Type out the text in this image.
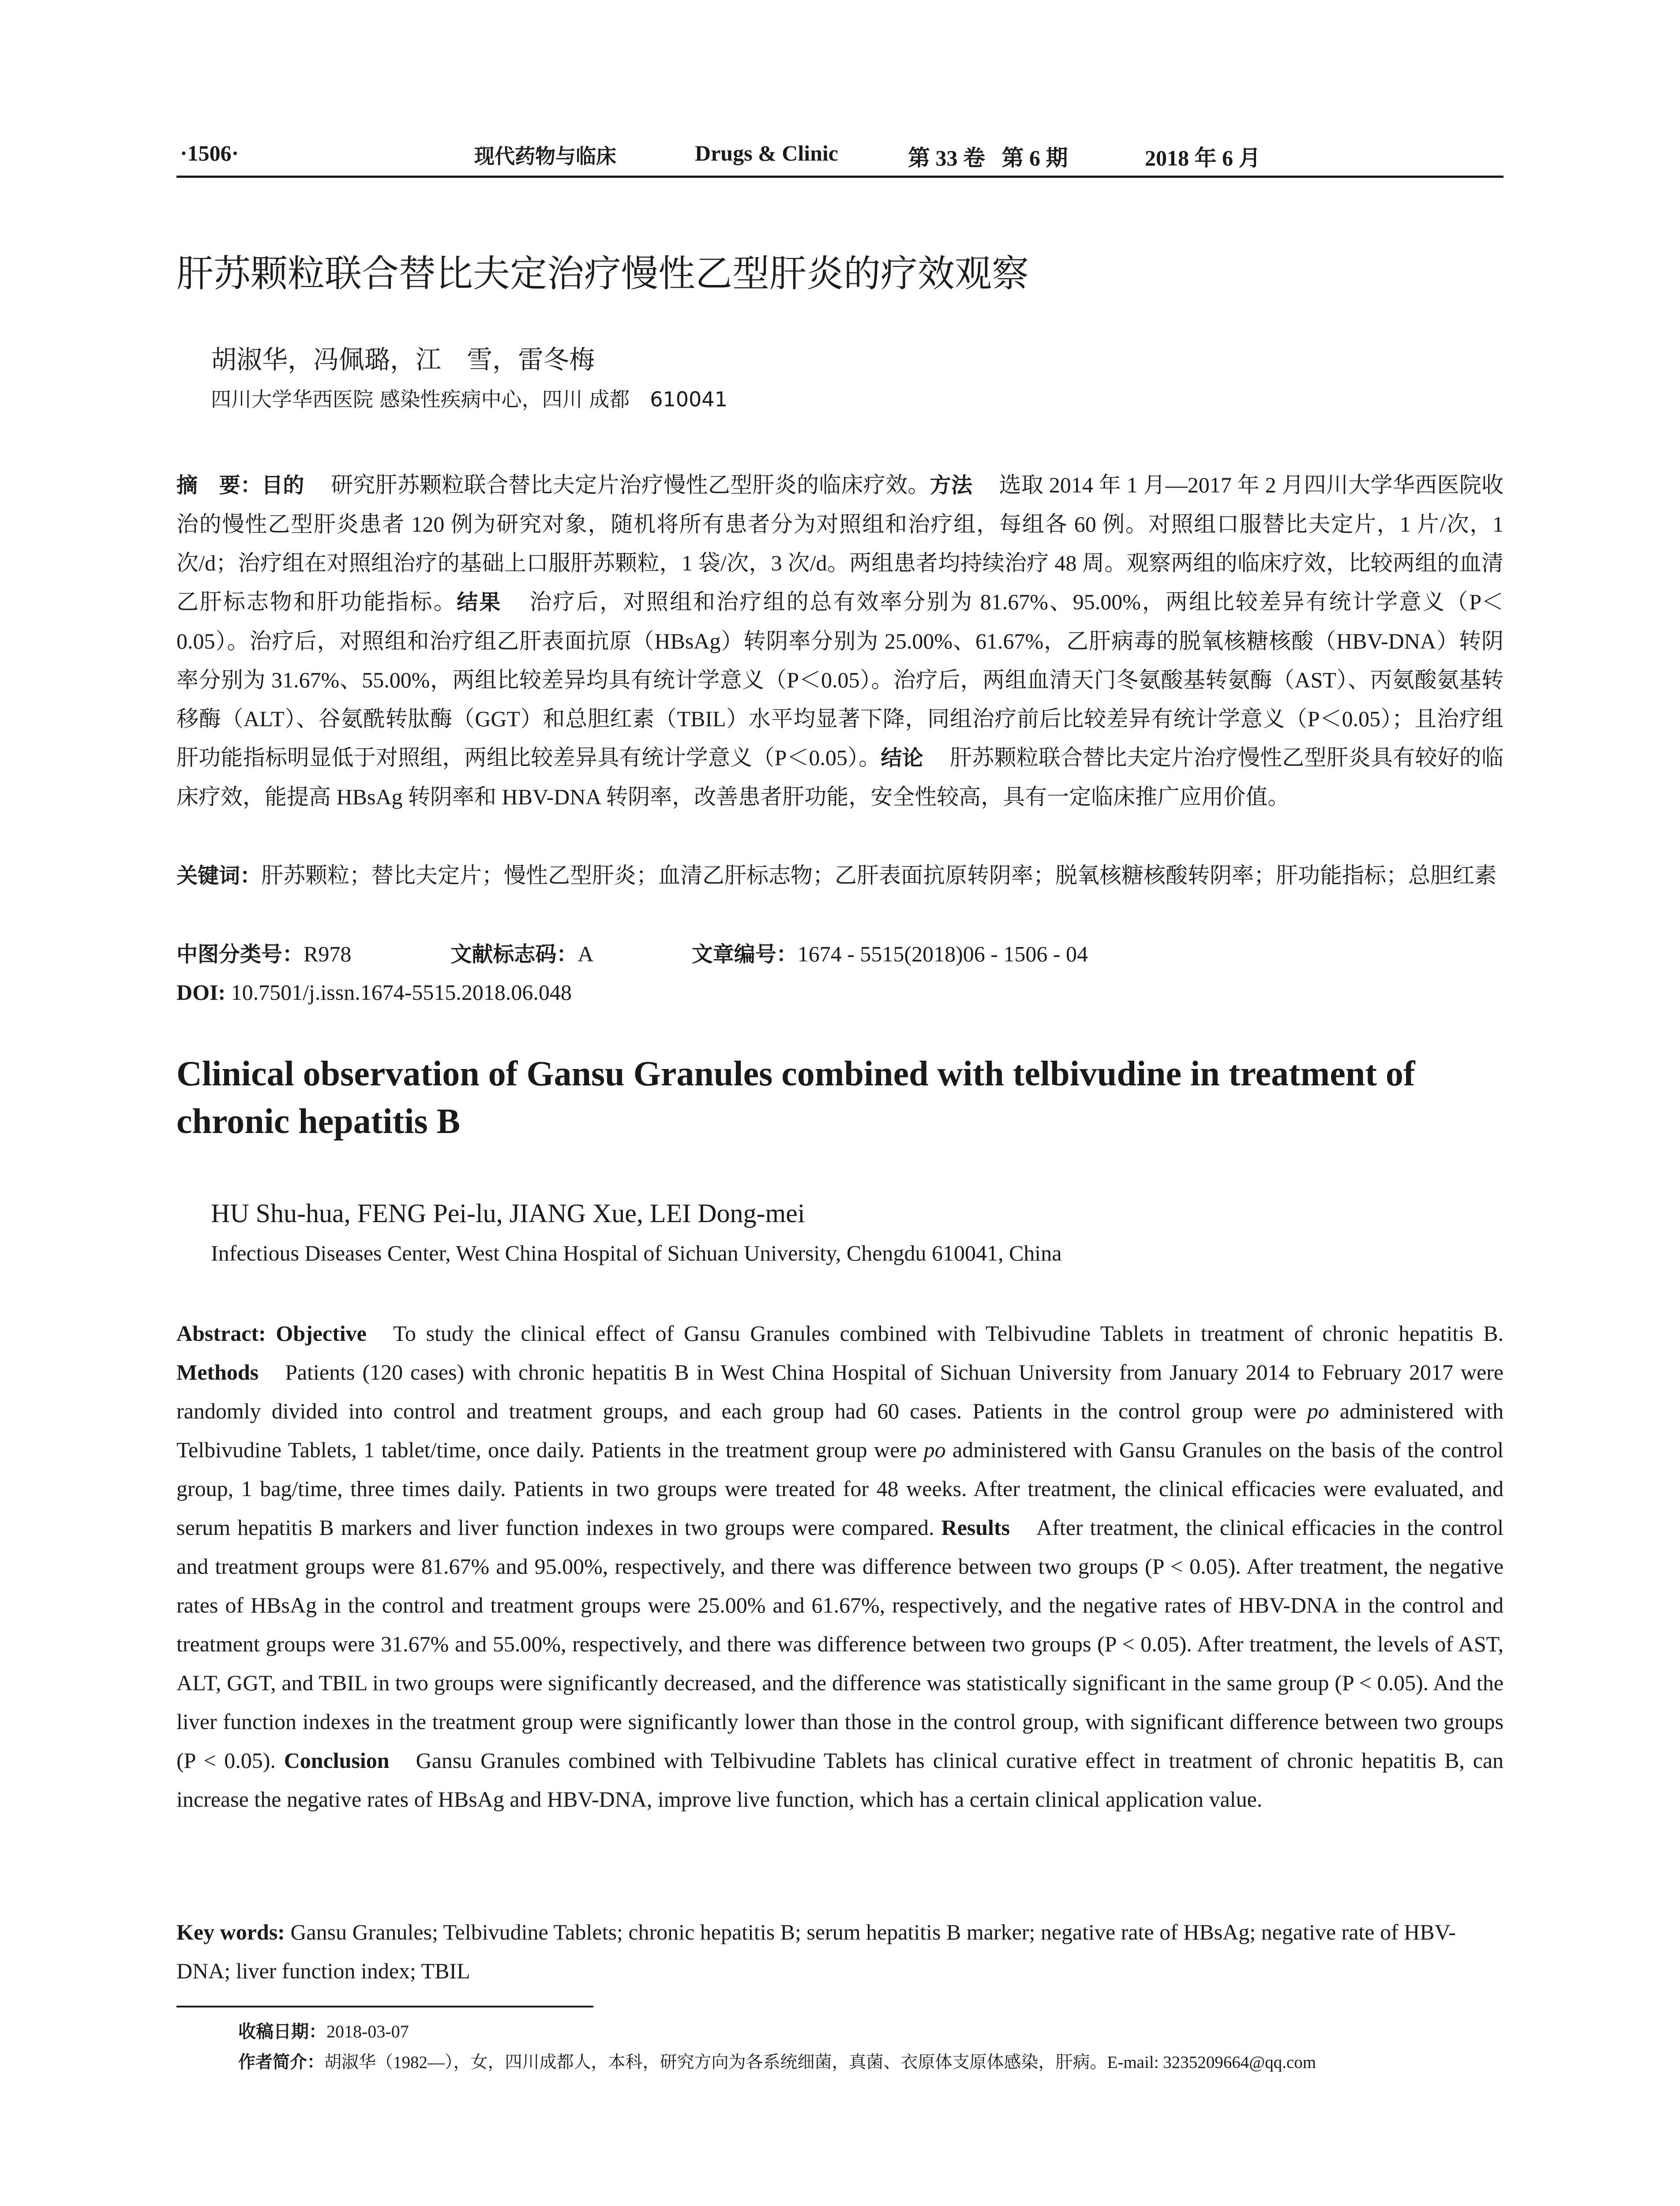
·1506·	现代药物与临床	Drugs & Clinic	第 33 卷   第 6 期	2018 年 6 月
肝苏颗粒联合替比夫定治疗慢性乙型肝炎的疗效观察
胡淑华，冯佩璐，江　雪，雷冬梅
四川大学华西医院 感染性疾病中心，四川 成都　610041
摘　要：目的 研究肝苏颗粒联合替比夫定片治疗慢性乙型肝炎的临床疗效。方法 选取 2014 年 1 月—2017 年 2 月四川大学华西医院收治的慢性乙型肝炎患者 120 例为研究对象，随机将所有患者分为对照组和治疗组，每组各 60 例。对照组口服替比夫定片，1 片/次，1 次/d；治疗组在对照组治疗的基础上口服肝苏颗粒，1 袋/次，3 次/d。两组患者均持续治疗 48 周。观察两组的临床疗效，比较两组的血清乙肝标志物和肝功能指标。结果 治疗后，对照组和治疗组的总有效率分别为 81.67%、95.00%，两组比较差异有统计学意义（P＜0.05）。治疗后，对照组和治疗组乙肝表面抗原（HBsAg）转阴率分别为 25.00%、61.67%，乙肝病毒的脱氧核糖核酸（HBV-DNA）转阴率分别为 31.67%、55.00%，两组比较差异均具有统计学意义（P＜0.05）。治疗后，两组血清天门冬氨酸基转氨酶（AST）、丙氨酸氨基转移酶（ALT）、谷氨酰转肽酶（GGT）和总胆红素（TBIL）水平均显著下降，同组治疗前后比较差异有统计学意义（P＜0.05）；且治疗组肝功能指标明显低于对照组，两组比较差异具有统计学意义（P＜0.05）。结论 肝苏颗粒联合替比夫定片治疗慢性乙型肝炎具有较好的临床疗效，能提高 HBsAg 转阴率和 HBV-DNA 转阴率，改善患者肝功能，安全性较高，具有一定临床推广应用价值。
关键词：肝苏颗粒；替比夫定片；慢性乙型肝炎；血清乙肝标志物；乙肝表面抗原转阴率；脱氧核糖核酸转阴率；肝功能指标；总胆红素
中图分类号：R978	文献标志码：A	文章编号：1674 - 5515(2018)06 - 1506 - 04
DOI: 10.7501/j.issn.1674-5515.2018.06.048
Clinical observation of Gansu Granules combined with telbivudine in treatment of chronic hepatitis B
HU Shu-hua, FENG Pei-lu, JIANG Xue, LEI Dong-mei
Infectious Diseases Center, West China Hospital of Sichuan University, Chengdu 610041, China
Abstract: Objective To study the clinical effect of Gansu Granules combined with Telbivudine Tablets in treatment of chronic hepatitis B. Methods Patients (120 cases) with chronic hepatitis B in West China Hospital of Sichuan University from January 2014 to February 2017 were randomly divided into control and treatment groups, and each group had 60 cases. Patients in the control group were po administered with Telbivudine Tablets, 1 tablet/time, once daily. Patients in the treatment group were po administered with Gansu Granules on the basis of the control group, 1 bag/time, three times daily. Patients in two groups were treated for 48 weeks. After treatment, the clinical efficacies were evaluated, and serum hepatitis B markers and liver function indexes in two groups were compared. Results After treatment, the clinical efficacies in the control and treatment groups were 81.67% and 95.00%, respectively, and there was difference between two groups (P < 0.05). After treatment, the negative rates of HBsAg in the control and treatment groups were 25.00% and 61.67%, respectively, and the negative rates of HBV-DNA in the control and treatment groups were 31.67% and 55.00%, respectively, and there was difference between two groups (P < 0.05). After treatment, the levels of AST, ALT, GGT, and TBIL in two groups were significantly decreased, and the difference was statistically significant in the same group (P < 0.05). And the liver function indexes in the treatment group were significantly lower than those in the control group, with significant difference between two groups (P < 0.05). Conclusion Gansu Granules combined with Telbivudine Tablets has clinical curative effect in treatment of chronic hepatitis B, can increase the negative rates of HBsAg and HBV-DNA, improve live function, which has a certain clinical application value.
Key words: Gansu Granules; Telbivudine Tablets; chronic hepatitis B; serum hepatitis B marker; negative rate of HBsAg; negative rate of HBV-DNA; liver function index; TBIL
收稿日期：2018-03-07
作者简介：胡淑华（1982—），女，四川成都人，本科，研究方向为各系统细菌，真菌、衣原体支原体感染，肝病。E-mail: 3235209664@qq.com
